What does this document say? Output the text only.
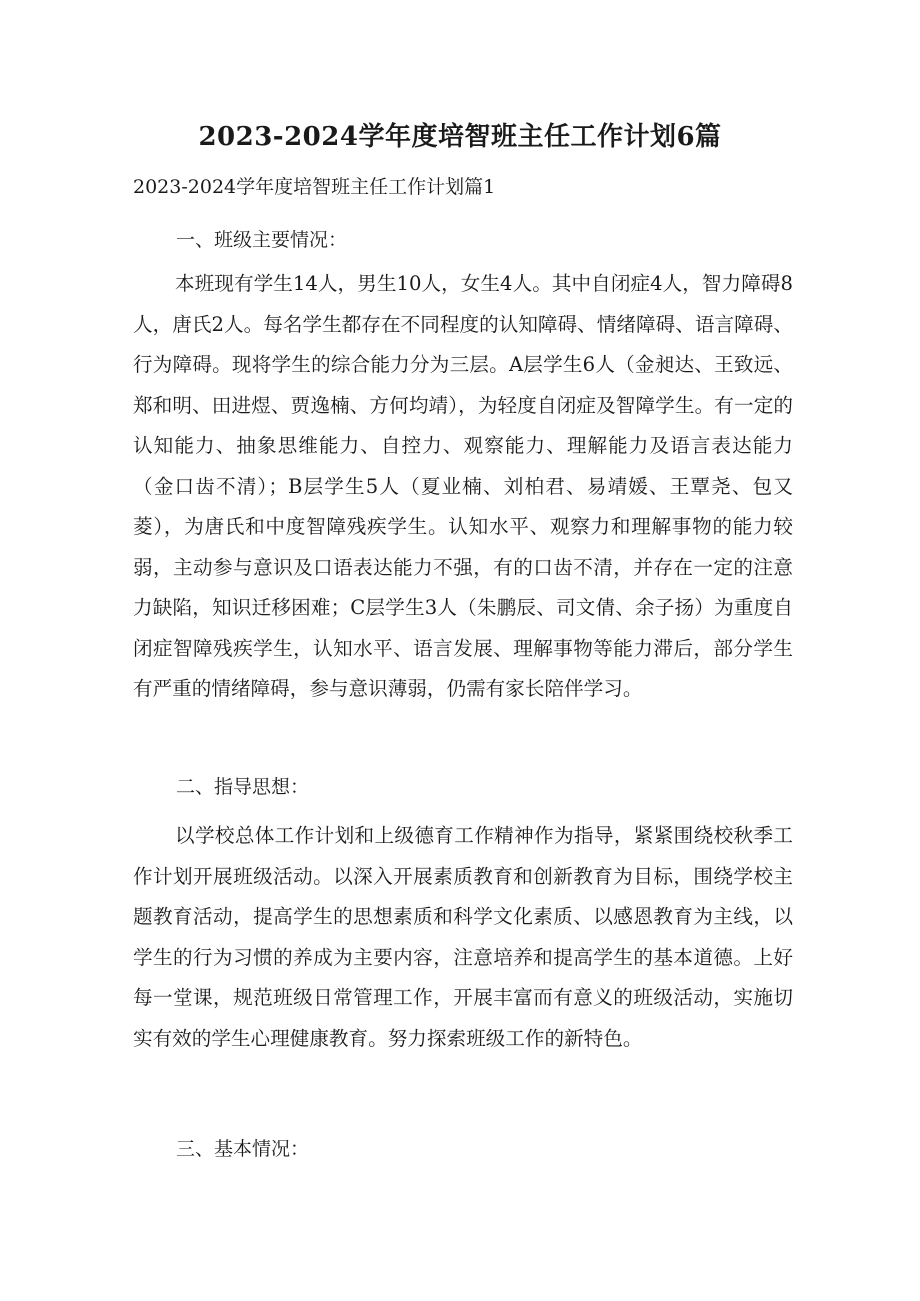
2023-2024学年度培智班主任工作计划6篇

2023-2024学年度培智班主任工作计划篇1

一、班级主要情况：

本班现有学生14人，男生10人，女生4人。其中自闭症4人，智力障碍8人，唐氏2人。每名学生都存在不同程度的认知障碍、情绪障碍、语言障碍、行为障碍。现将学生的综合能力分为三层。A层学生6人（金昶达、王致远、郑和明、田进煜、贾逸楠、方何均靖），为轻度自闭症及智障学生。有一定的认知能力、抽象思维能力、自控力、观察能力、理解能力及语言表达能力（金口齿不清）；B层学生5人（夏业楠、刘柏君、易靖媛、王覃尧、包又菱），为唐氏和中度智障残疾学生。认知水平、观察力和理解事物的能力较弱，主动参与意识及口语表达能力不强，有的口齿不清，并存在一定的注意力缺陷，知识迁移困难；C层学生3人（朱鹏辰、司文倩、余子扬）为重度自闭症智障残疾学生，认知水平、语言发展、理解事物等能力滞后，部分学生有严重的情绪障碍，参与意识薄弱，仍需有家长陪伴学习。

二、指导思想：

以学校总体工作计划和上级德育工作精神作为指导，紧紧围绕校秋季工作计划开展班级活动。以深入开展素质教育和创新教育为目标，围绕学校主题教育活动，提高学生的思想素质和科学文化素质、以感恩教育为主线，以学生的行为习惯的养成为主要内容，注意培养和提高学生的基本道德。上好每一堂课，规范班级日常管理工作，开展丰富而有意义的班级活动，实施切实有效的学生心理健康教育。努力探索班级工作的新特色。

三、基本情况：
